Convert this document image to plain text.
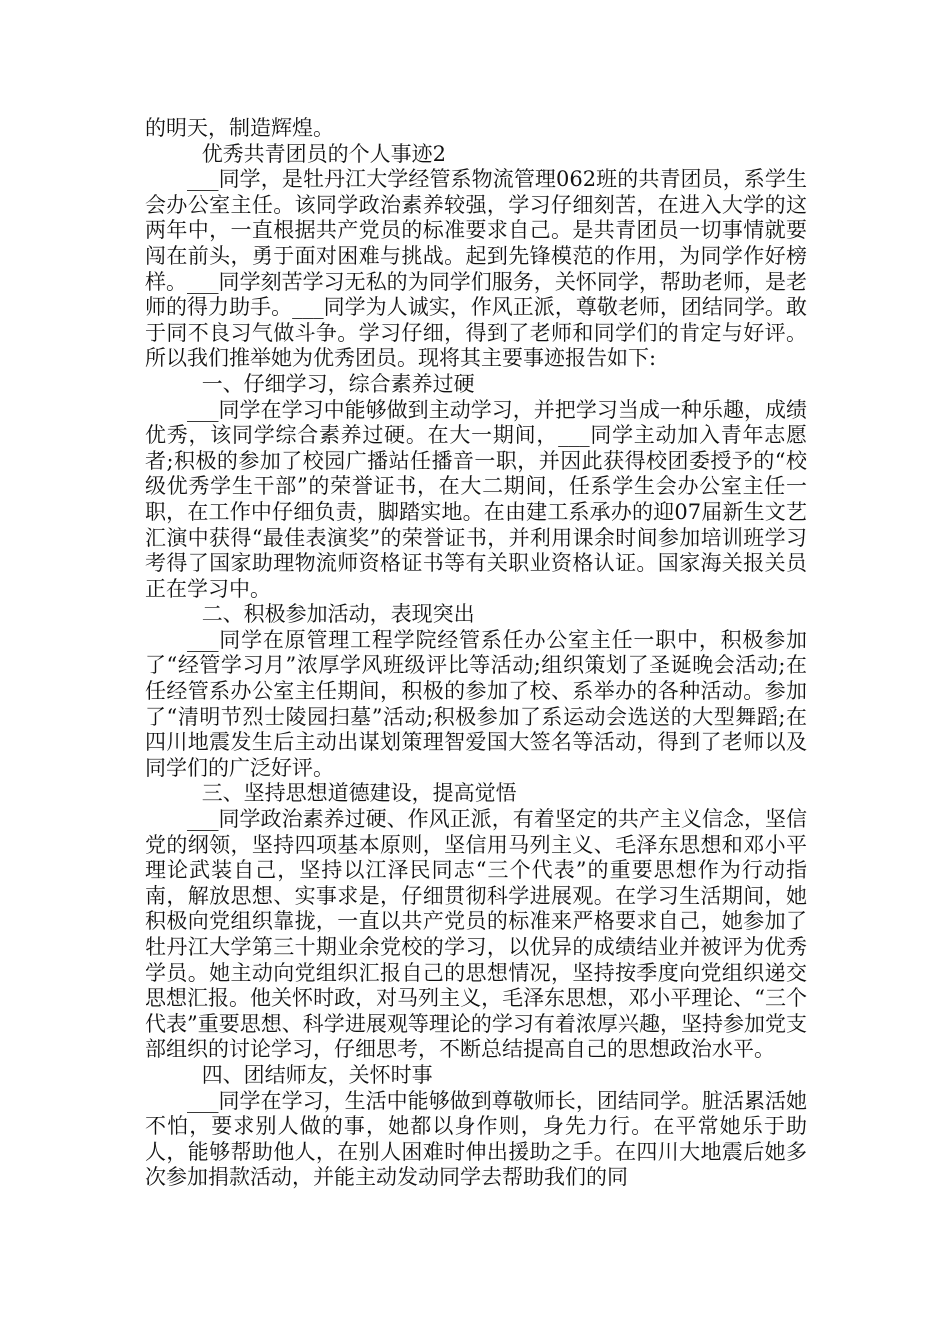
的明天，制造辉煌。

优秀共青团员的个人事迹2

___同学，是牡丹江大学经管系物流管理062班的共青团员，系学生会办公室主任。该同学政治素养较强，学习仔细刻苦，在进入大学的这两年中，一直根据共产党员的标准要求自己。是共青团员一切事情就要闯在前头，勇于面对困难与挑战。起到先锋模范的作用，为同学作好榜样。___同学刻苦学习无私的为同学们服务，关怀同学，帮助老师，是老师的得力助手。___同学为人诚实，作风正派，尊敬老师，团结同学。敢于同不良习气做斗争。学习仔细，得到了老师和同学们的肯定与好评。所以我们推举她为优秀团员。现将其主要事迹报告如下:

一、仔细学习，综合素养过硬

___同学在学习中能够做到主动学习，并把学习当成一种乐趣，成绩优秀，该同学综合素养过硬。在大一期间，___同学主动加入青年志愿者;积极的参加了校园广播站任播音一职，并因此获得校团委授予的“校级优秀学生干部”的荣誉证书，在大二期间，任系学生会办公室主任一职，在工作中仔细负责，脚踏实地。在由建工系承办的迎07届新生文艺汇演中获得“最佳表演奖”的荣誉证书，并利用课余时间参加培训班学习考得了国家助理物流师资格证书等有关职业资格认证。国家海关报关员正在学习中。

二、积极参加活动，表现突出

___同学在原管理工程学院经管系任办公室主任一职中，积极参加了“经管学习月”浓厚学风班级评比等活动;组织策划了圣诞晚会活动;在任经管系办公室主任期间，积极的参加了校、系举办的各种活动。参加了“清明节烈士陵园扫墓”活动;积极参加了系运动会选送的大型舞蹈;在四川地震发生后主动出谋划策理智爱国大签名等活动，得到了老师以及同学们的广泛好评。

三、坚持思想道德建设，提高觉悟

___同学政治素养过硬、作风正派，有着坚定的共产主义信念，坚信党的纲领，坚持四项基本原则，坚信用马列主义、毛泽东思想和邓小平理论武装自己，坚持以江泽民同志“三个代表”的重要思想作为行动指南，解放思想、实事求是，仔细贯彻科学进展观。在学习生活期间，她积极向党组织靠拢，一直以共产党员的标准来严格要求自己，她参加了牡丹江大学第三十期业余党校的学习，以优异的成绩结业并被评为优秀学员。她主动向党组织汇报自己的思想情况，坚持按季度向党组织递交思想汇报。他关怀时政，对马列主义，毛泽东思想，邓小平理论、“三个代表”重要思想、科学进展观等理论的学习有着浓厚兴趣，坚持参加党支部组织的讨论学习，仔细思考，不断总结提高自己的思想政治水平。

四、团结师友，关怀时事

___同学在学习，生活中能够做到尊敬师长，团结同学。脏活累活她不怕，要求别人做的事，她都以身作则，身先力行。在平常她乐于助人，能够帮助他人，在别人困难时伸出援助之手。在四川大地震后她多次参加捐款活动，并能主动发动同学去帮助我们的同
